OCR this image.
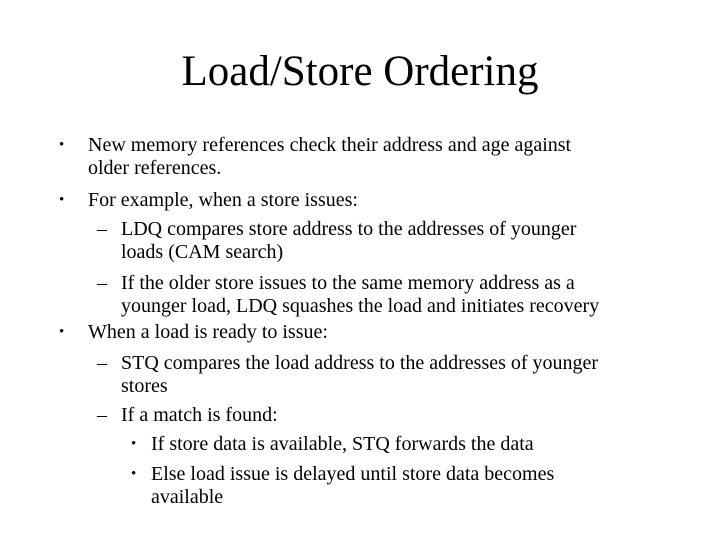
Load/Store Ordering
•	New memory references check their address and age against
older references.
•	For example, when a store issues:
– LDQ compares store address to the addresses of younger
loads (CAM search)
– If the older store issues to the same memory address as a
younger load, LDQ squashes the load and initiates recovery
•	When a load is ready to issue:
– STQ compares the load address to the addresses of younger
stores
– If a match is found:
• If store data is available, STQ forwards the data
• Else load issue is delayed until store data becomes
available
